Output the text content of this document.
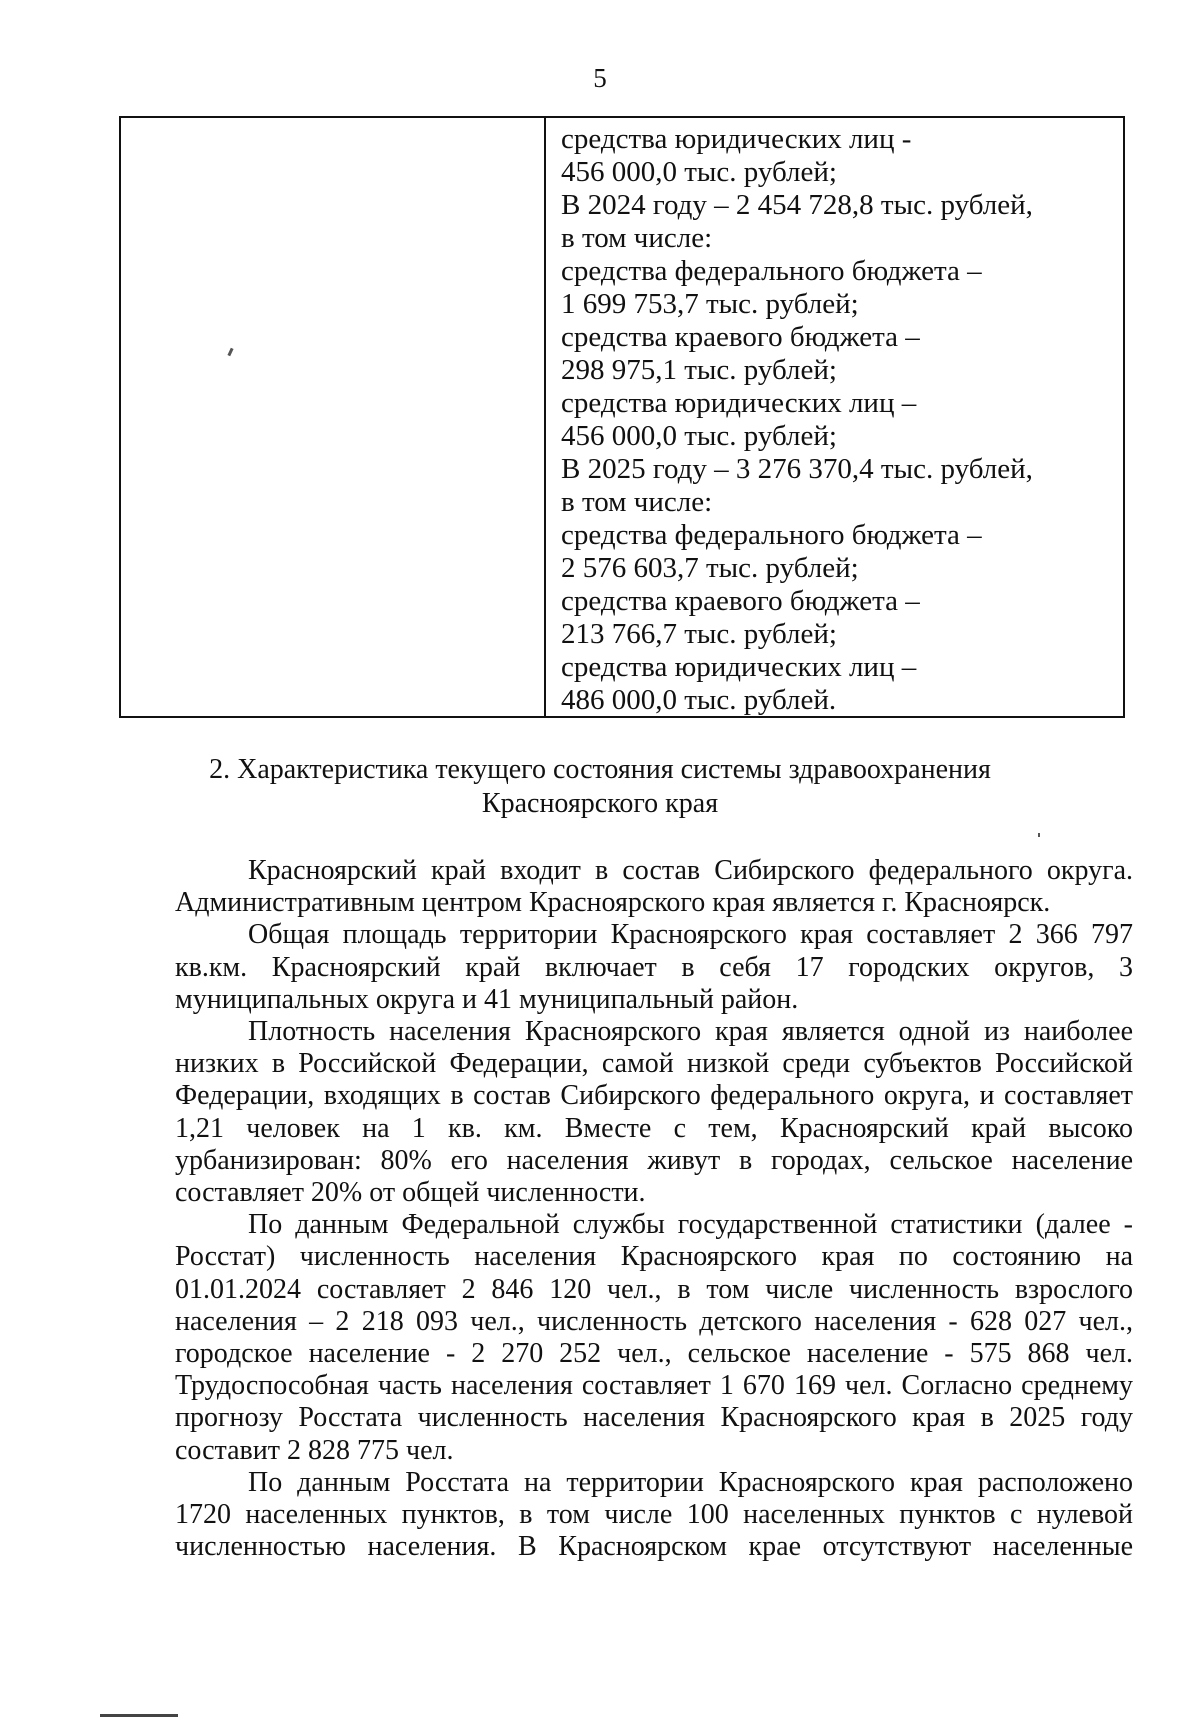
5
средства юридических лиц -
456 000,0 тыс. рублей;
В 2024 году – 2 454 728,8 тыс. рублей,
в том числе:
средства федерального бюджета –
1 699 753,7 тыс. рублей;
средства краевого бюджета –
298 975,1 тыс. рублей;
средства юридических лиц –
456 000,0 тыс. рублей;
В 2025 году – 3 276 370,4 тыс. рублей,
в том числе:
средства федерального бюджета –
2 576 603,7 тыс. рублей;
средства краевого бюджета –
213 766,7 тыс. рублей;
средства юридических лиц –
486 000,0 тыс. рублей.
2. Характеристика текущего состояния системы здравоохранения
Красноярского края

Красноярский край входит в состав Сибирского федерального округа. Административным центром Красноярского края является г. Красноярск.

Общая площадь территории Красноярского края составляет 2 366 797 кв.км. Красноярский край включает в себя 17 городских округов, 3 муниципальных округа и 41 муниципальный район.

Плотность населения Красноярского края является одной из наиболее низких в Российской Федерации, самой низкой среди субъектов Российской Федерации, входящих в состав Сибирского федерального округа, и составляет 1,21 человек на 1 кв. км. Вместе с тем, Красноярский край высоко урбанизирован: 80% его населения живут в городах, сельское население составляет 20% от общей численности.

По данным Федеральной службы государственной статистики (далее - Росстат) численность населения Красноярского края по состоянию на 01.01.2024 составляет 2 846 120 чел., в том числе численность взрослого населения – 2 218 093 чел., численность детского населения - 628 027 чел., городское население - 2 270 252 чел., сельское население - 575 868 чел. Трудоспособная часть населения составляет 1 670 169 чел. Согласно среднему прогнозу Росстата численность населения Красноярского края в 2025 году составит 2 828 775 чел.

По данным Росстата на территории Красноярского края расположено 1720 населенных пунктов, в том числе 100 населенных пунктов с нулевой численностью населения. В Красноярском крае отсутствуют населенные
